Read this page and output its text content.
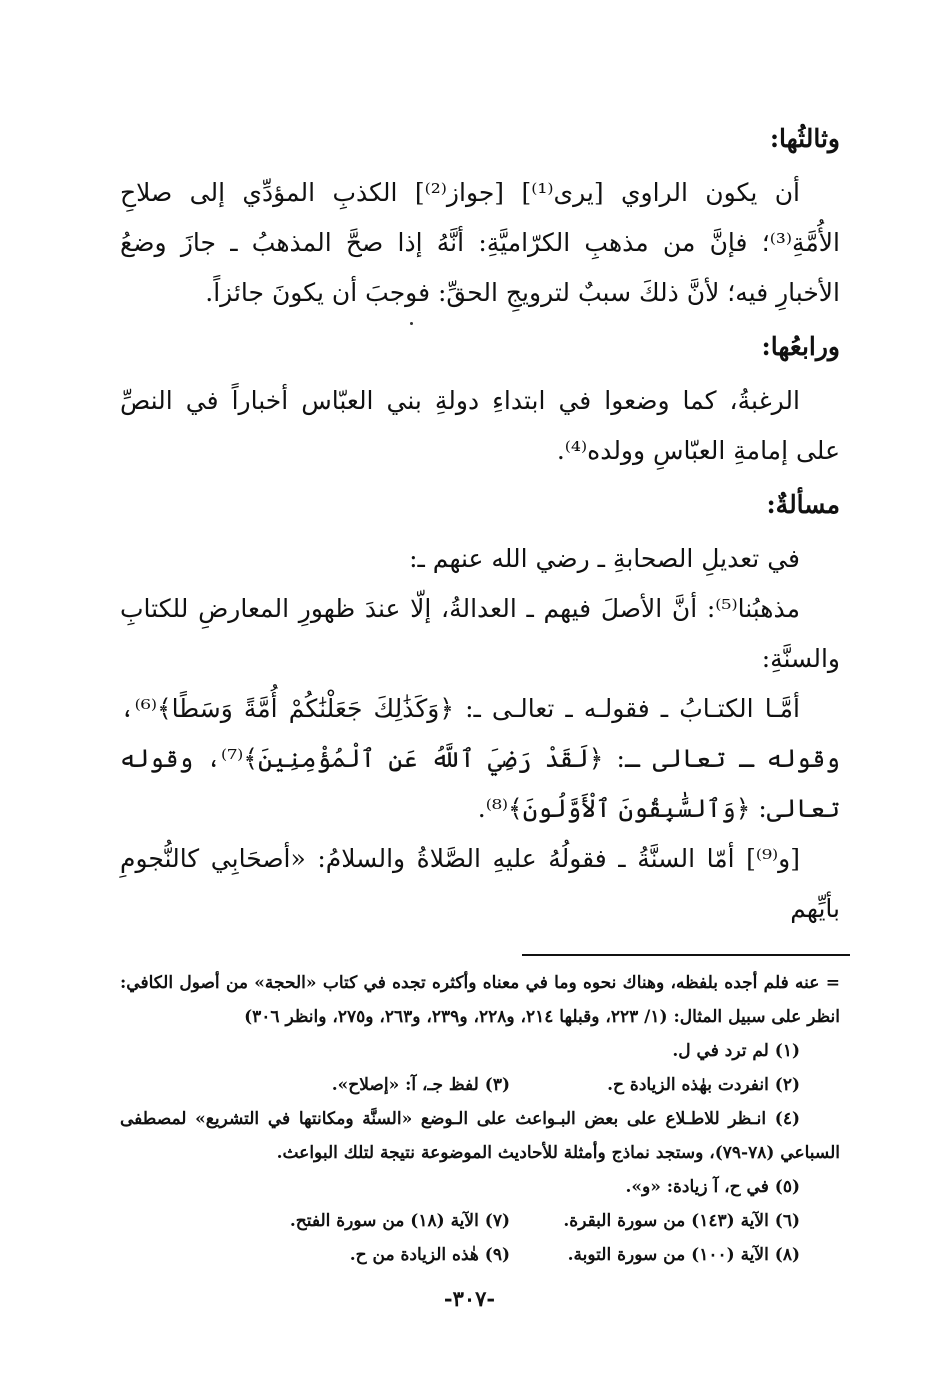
وثالثُها:

أن يكون الراوي [يرى⁽¹⁾] [جواز⁽²⁾] الكذبِ المؤدِّي إلى صلاحِ الأُمَّةِ⁽³⁾؛ فإنَّ من مذهبِ الكرّاميَّةِ: أنَّهُ إذا صحَّ المذهبُ ـ جازَ وضعُ الأخبارِ فيه؛ لأنَّ ذلكَ سببٌ لترويجِ الحقِّ: فوجبَ أن يكونَ جائزاً.

ورابعُها:

الرغبةُ، كما وضعوا في ابتداءِ دولةِ بني العبّاس أخباراً في النصِّ على إمامةِ العبّاسِ وولده⁽⁴⁾.

مسألةٌ:

في تعديلِ الصحابةِ ـ رضي الله عنهم ـ:

مذهبُنا⁽⁵⁾: أنَّ الأصلَ فيهم ـ العدالةُ، إلّا عندَ ظهورِ المعارضِ للكتابِ والسنَّةِ:

أمَّـا الكتـابُ ـ فقولـه ـ تعالـى ـ: ﴿وَكَذَٰلِكَ جَعَلْنَٰكُمْ أُمَّةً وَسَطًا﴾⁽⁶⁾، وقوله ـ تعالى ـ: ﴿لَقَدْ رَضِيَ ٱللَّهُ عَنِ ٱلْمُؤْمِنِينَ﴾⁽⁷⁾، وقوله تعالى: ﴿وَٱلسَّٰبِقُونَ ٱلْأَوَّلُونَ﴾⁽⁸⁾.

[و⁽⁹⁾] أمّا السنَّةُ ـ فقولُهُ عليهِ الصَّلاةُ والسلامُ: «أصحَابِي كالنُّجومِ بأيِّهم

= عنه فلم أجده بلفظه، وهناك نحوه وما في معناه وأكثره تجده في كتاب «الحجة» من أصول الكافي: انظر على سبيل المثال: (١/ ٢٢٣، وقبلها ٢١٤، و٢٢٨، و٢٣٩، و٢٦٣، و٢٧٥، وانظر ٣٠٦)
(١) لم ترد في ل.
(٢) انفردت بهٰذه الزيادة ح.
(٣) لفظ جـ، آ: «إصلاح».
(٤) انـظر للاطـلاع على بعض البـواعث على الـوضع «السنَّة ومكانتها في التشريع» لمصطفى السباعي (٧٨-٧٩)، وستجد نماذج وأمثلة للأحاديث الموضوعة نتيجة لتلك البواعث.
(٥) في ح، آ زيادة: «و».
(٦) الآية (١٤٣) من سورة البقرة.
(٧) الآية (١٨) من سورة الفتح.
(٨) الآية (١٠٠) من سورة التوبة.
(٩) هٰذه الزيادة من ح.
-٣٠٧-
